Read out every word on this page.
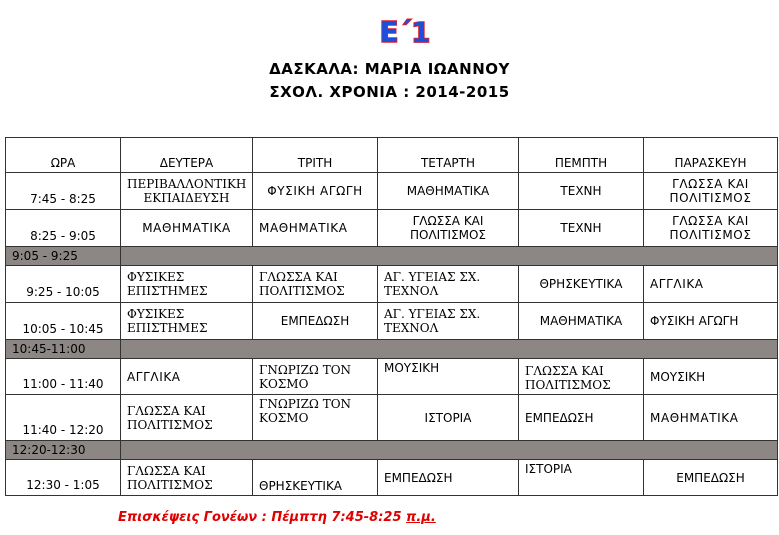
Ε΄1
ΔΑΣΚΑΛΑ: ΜΑΡΙΑ ΙΩΑΝΝΟΥ
ΣΧΟΛ. ΧΡΟΝΙΑ : 2014-2015
ΩΡΑ	ΔΕΥΤΕΡΑ	ΤΡΙΤΗ	ΤΕΤΑΡΤΗ	ΠΕΜΠΤΗ	ΠΑΡΑΣΚΕΥΗ
7:45 - 8:25	ΠΕΡΙΒΑΛΛΟΝΤΙΚΗ ΕΚΠΑΙΔΕΥΣΗ	ΦΥΣΙΚΗ ΑΓΩΓΗ	ΜΑΘΗΜΑΤΙΚΑ	ΤΕΧΝΗ	ΓΛΩΣΣΑ ΚΑΙ ΠΟΛΙΤΙΣΜΟΣ
8:25 - 9:05	ΜΑΘΗΜΑΤΙΚΑ	ΜΑΘΗΜΑΤΙΚΑ	ΓΛΩΣΣΑ ΚΑΙ ΠΟΛΙΤΙΣΜΟΣ	ΤΕΧΝΗ	ΓΛΩΣΣΑ ΚΑΙ ΠΟΛΙΤΙΣΜΟΣ
9:05 - 9:25					
9:25 - 10:05	ΦΥΣΙΚΕΣ ΕΠΙΣΤΗΜΕΣ	ΓΛΩΣΣΑ ΚΑΙ ΠΟΛΙΤΙΣΜΟΣ	ΑΓ. ΥΓΕΙΑΣ ΣΧ. ΤΕΧΝΟΛ	ΘΡΗΣΚΕΥΤΙΚΑ	ΑΓΓΛΙΚΑ
10:05 - 10:45	ΦΥΣΙΚΕΣ ΕΠΙΣΤΗΜΕΣ	ΕΜΠΕΔΩΣΗ	ΑΓ. ΥΓΕΙΑΣ ΣΧ. ΤΕΧΝΟΛ	ΜΑΘΗΜΑΤΙΚΑ	ΦΥΣΙΚΗ ΑΓΩΓΗ
10:45-11:00					
11:00 - 11:40	ΑΓΓΛΙΚΑ	ΓΝΩΡΙΖΩ ΤΟΝ ΚΟΣΜΟ	ΜΟΥΣΙΚΗ	ΓΛΩΣΣΑ ΚΑΙ ΠΟΛΙΤΙΣΜΟΣ	ΜΟΥΣΙΚΗ
11:40 - 12:20	ΓΛΩΣΣΑ ΚΑΙ ΠΟΛΙΤΙΣΜΟΣ	ΓΝΩΡΙΖΩ ΤΟΝ ΚΟΣΜΟ	ΙΣΤΟΡΙΑ	ΕΜΠΕΔΩΣΗ	ΜΑΘΗΜΑΤΙΚΑ
12:20-12:30					
12:30 - 1:05	ΓΛΩΣΣΑ ΚΑΙ ΠΟΛΙΤΙΣΜΟΣ	ΘΡΗΣΚΕΥΤΙΚΑ	ΕΜΠΕΔΩΣΗ	ΙΣΤΟΡΙΑ	ΕΜΠΕΔΩΣΗ
Επισκέψεις Γονέων : Πέμπτη 7:45-8:25 π.μ.
